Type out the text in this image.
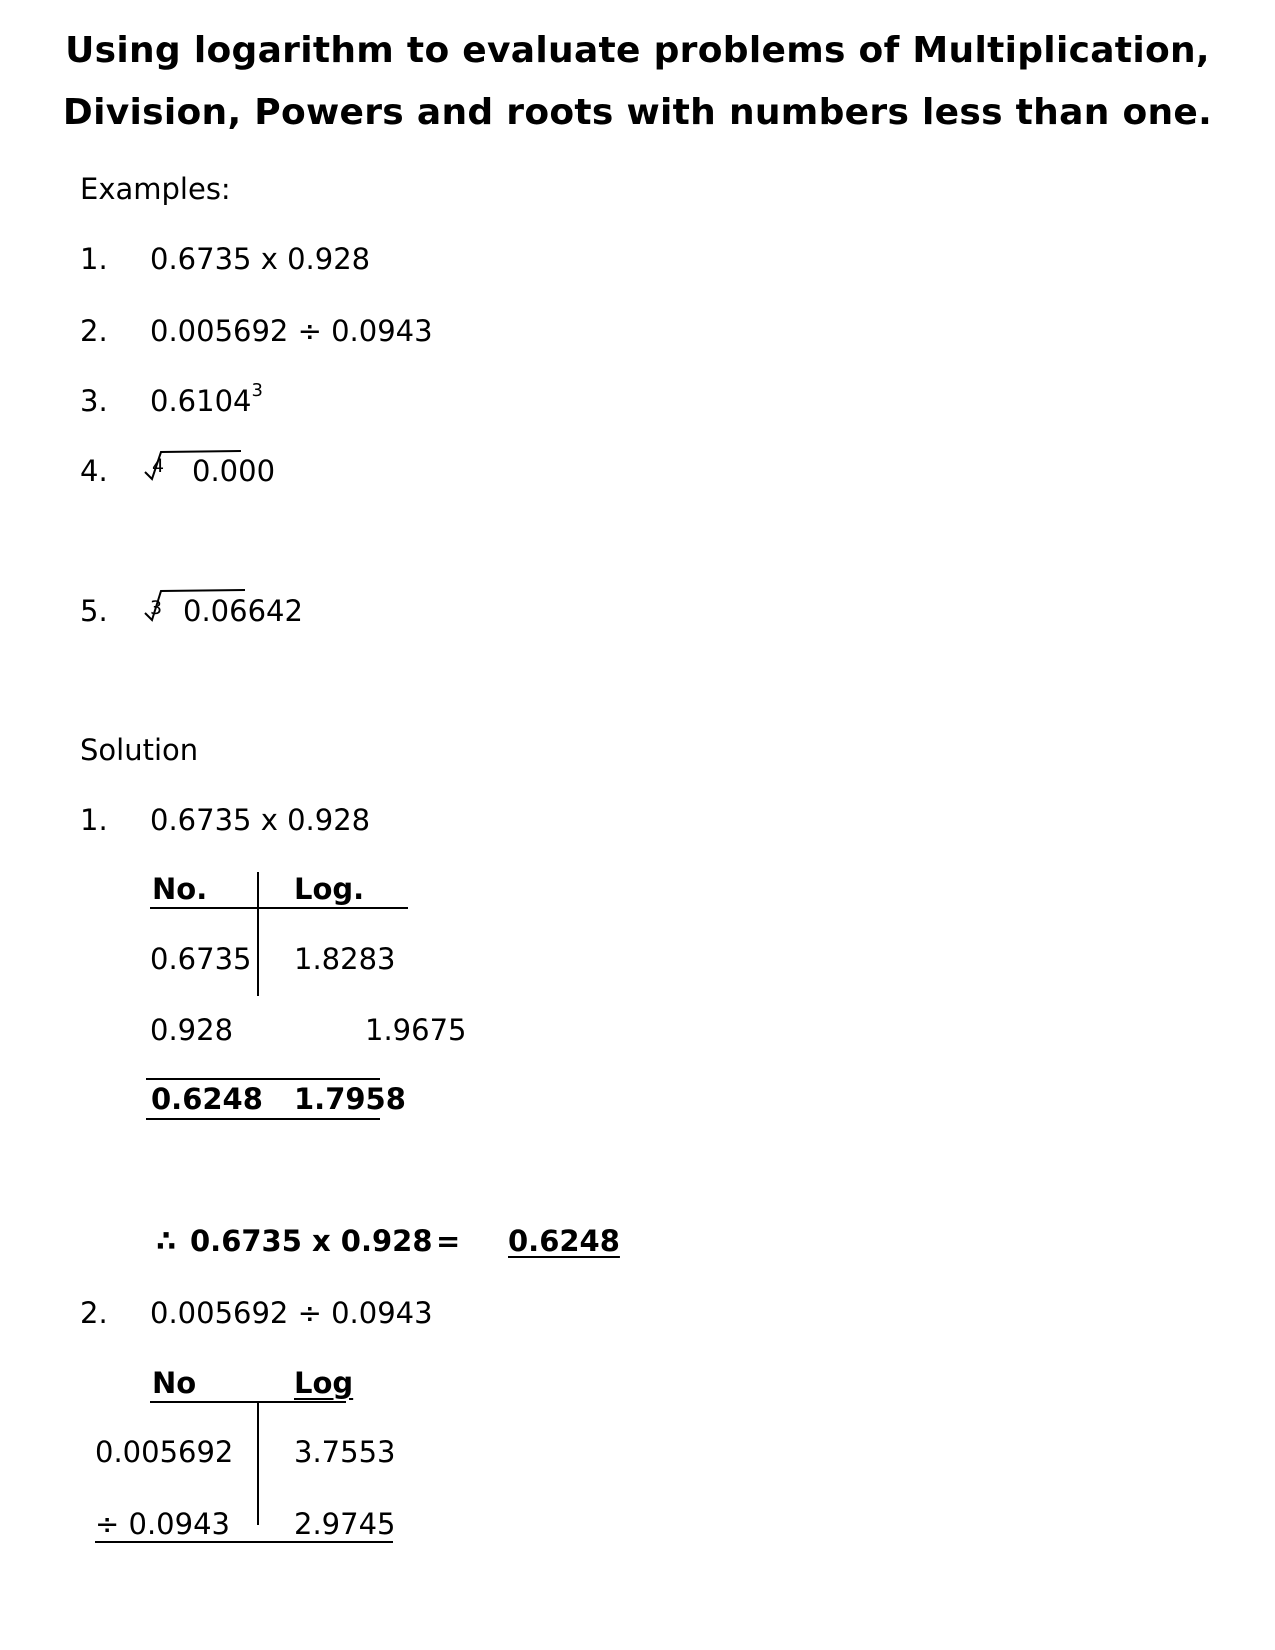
Using logarithm to evaluate problems of Multiplication,
Division, Powers and roots with numbers less than one.
Examples:
1. 0.6735 x 0.928
2. 0.005692 ÷ 0.0943
3. 0.6104$^3$
4. 4 0.000
5. 3 0.06642
Solution
1. 0.6735 x 0.928
No.	Log.
0.6735 1.8283
0.928	1.9675
0.6248 1.7958
∴ 0.6735 x 0.928 = 0.6248
2. 0.005692 ÷ 0.0943
No	Log
0.005692 3.7553
÷ 0.0943 2.9745
